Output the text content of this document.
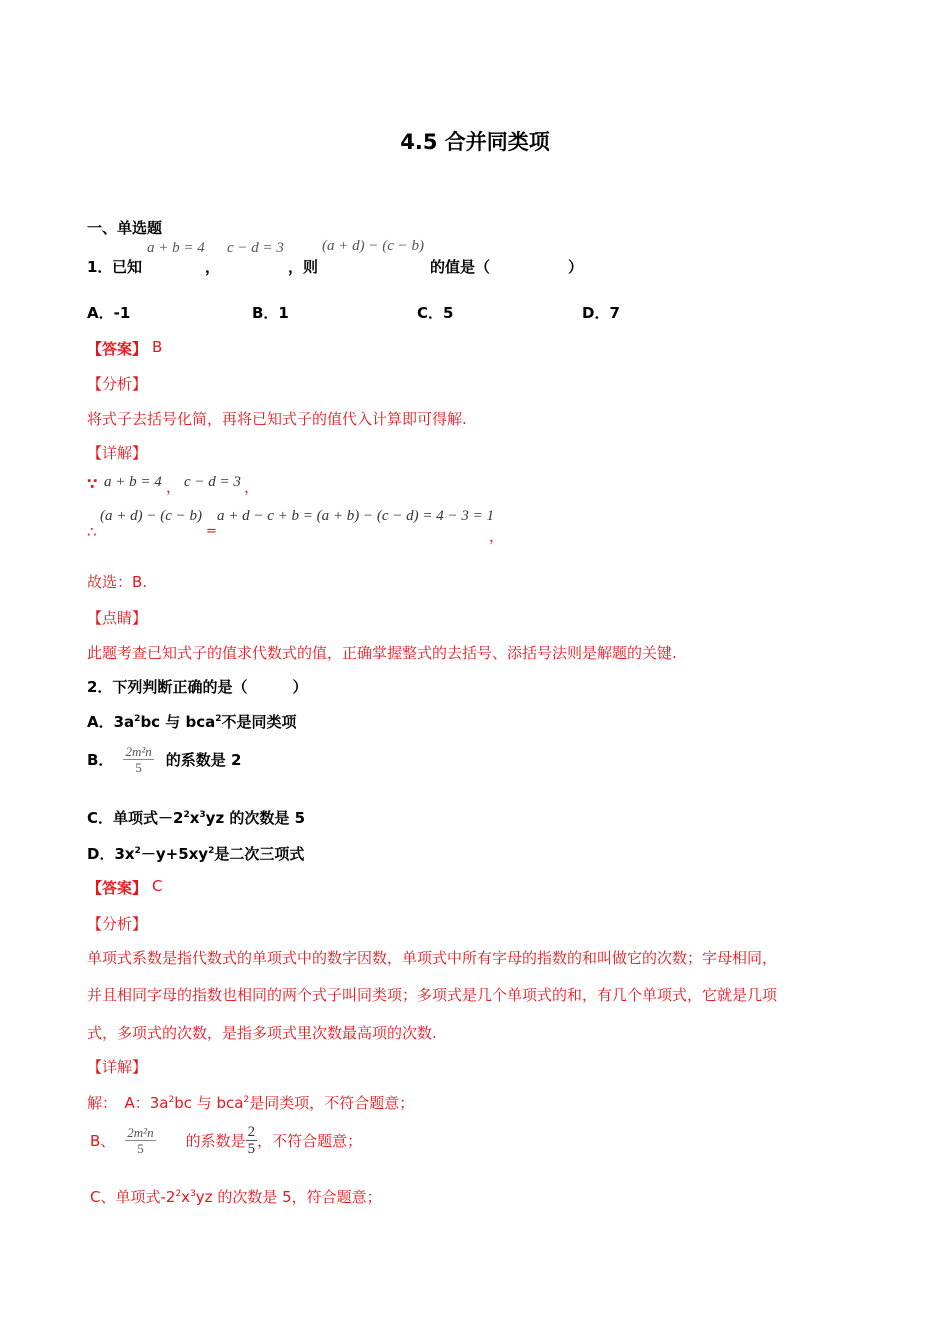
4.5 合并同类项
一、单选题
1． 已知
a + b = 4
，
c − d = 3
，则
(a + d) − (c − b)
的值是（	）
A．-1	B．1	C．5	D．7
【答案】 B
【分析】
将式子去括号化简，再将已知式子的值代入计算即可得解.
【详解】
∵ a + b = 4 ， c − d = 3 ，
∴
(a + d) − (c − b)
=
a + d − c + b = (a + b) − (c − d) = 4 − 3 = 1
，
故选：B.
【点睛】
此题考查已知式子的值求代数式的值，正确掌握整式的去括号、添括号法则是解题的关键.
2．下列判断正确的是（　　　）
A．$3a^2bc$ 与 bca$^2$不是同类项
B． $\frac{\text{2m²n}}{5}$ 的系数是 2
C．单项式$-2^2x^3yz$ 的次数是 5
D．$3x^2-y+5xy^2$是二次三项式
【答案】 C
【分析】
单项式系数是指代数式的单项式中的数字因数，单项式中所有字母的指数的和叫做它的次数；字母相同，
并且相同字母的指数也相同的两个式子叫同类项；多项式是几个单项式的和，有几个单项式，它就是几项
式，多项式的次数，是指多项式里次数最高项的次数.
【详解】
解：　A：$3a^2bc$ 与 bca$^2$是同类项，不符合题意；
B、 $\frac{\text{2m²n}}{5}$ 的系数是 2
5 ，不符合题意；
C、单项式$-2^2x^3yz$ 的次数是 5，符合题意；
